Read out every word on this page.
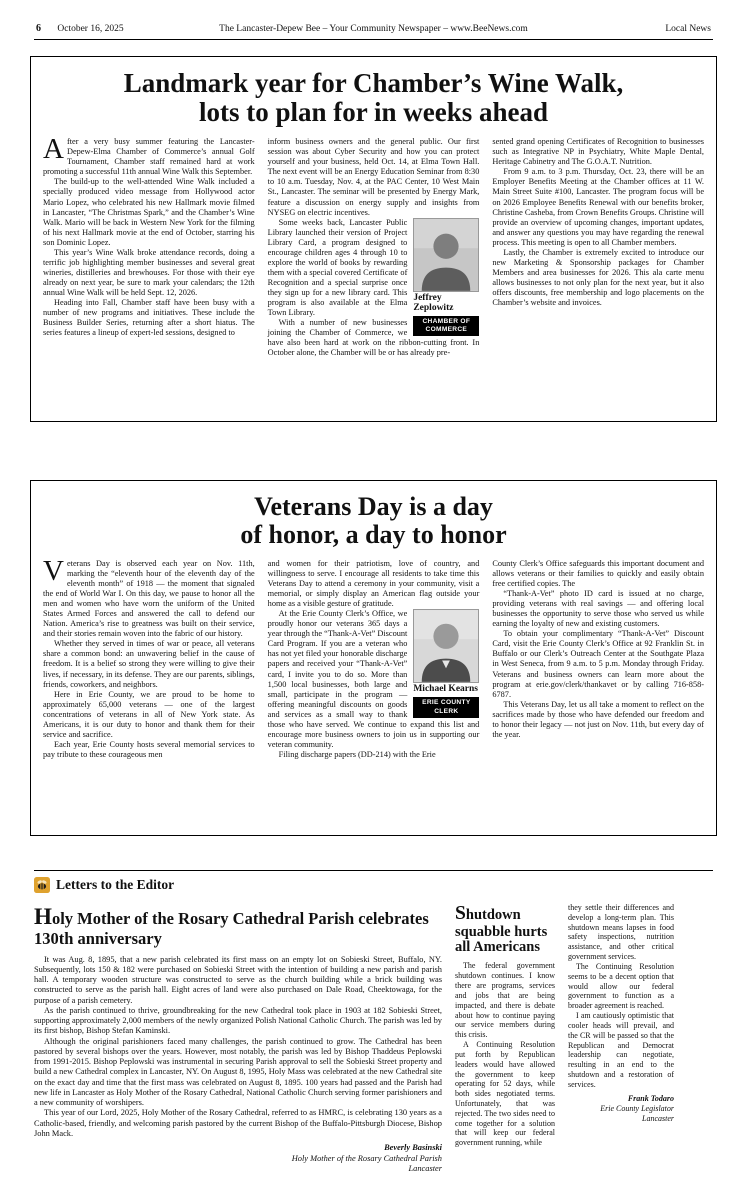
6 October 16, 2025	The Lancaster-Depew Bee – Your Community Newspaper – www.BeeNews.com	Local News
Landmark year for Chamber’s Wine Walk,
lots to plan for in weeks ahead

After a very busy summer featuring the Lancaster-Depew-Elma Chamber of Commerce’s annual Golf Tournament, Chamber staff remained hard at work promoting a successful 11th annual Wine Walk this September.

The build-up to the well-attended Wine Walk included a specially produced video message from Hollywood actor Mario Lopez, who celebrated his new Hallmark movie filmed in Lancaster, “The Christmas Spark,” and the Chamber’s Wine Walk. Mario will be back in Western New York for the filming of his next Hallmark movie at the end of October, starring his son Dominic Lopez.

This year’s Wine Walk broke attendance records, doing a terrific job highlighting member businesses and several great wineries, distilleries and brewhouses. For those with their eye already on next year, be sure to mark your calendars; the 12th annual Wine Walk will be held Sept. 12, 2026.

Heading into Fall, Chamber staff have been busy with a number of new programs and initiatives. These include the Business Builder Series, returning after a short hiatus. The series features a lineup of expert-led sessions, designed to

inform business owners and the general public. Our first session was about Cyber Security and how you can protect yourself and your business, held Oct. 14, at Elma Town Hall. The next event will be an Energy Education Seminar from 8:30 to 10 a.m. Tuesday, Nov. 4, at the PAC Center, 10 West Main St., Lancaster. The seminar will be presented by Energy Mark, feature a discussion on energy supply and insights from NYSEG on electric incentives.

Jeffrey Zeplowitz
CHAMBER OF COMMERCE

Some weeks back, Lancaster Public Library launched their version of Project Library Card, a program designed to encourage children ages 4 through 10 to explore the world of books by rewarding them with a special covered Certificate of Recognition and a special surprise once they sign up for a new library card. This program is also available at the Elma Town Library.

With a number of new businesses joining the Chamber of Commerce, we have also been hard at work on the ribbon-cutting front. In October alone, the Chamber will be or has already pre-

sented grand opening Certificates of Recognition to businesses such as Integrative NP in Psychiatry, White Maple Dental, Heritage Cabinetry and The G.O.A.T. Nutrition.

From 9 a.m. to 3 p.m. Thursday, Oct. 23, there will be an Employer Benefits Meeting at the Chamber offices at 11 W. Main Street Suite #100, Lancaster. The program focus will be on 2026 Employee Benefits Renewal with our benefits broker, Christine Casheba, from Crown Benefits Groups. Christine will provide an overview of upcoming changes, important updates, and answer any questions you may have regarding the renewal process. This meeting is open to all Chamber members.

Lastly, the Chamber is extremely excited to introduce our new Marketing & Sponsorship packages for Chamber Members and area businesses for 2026. This ala carte menu allows businesses to not only plan for the next year, but it also offers discounts, free membership and logo placements on the Chamber’s website and invoices.

Veterans Day is a day
of honor, a day to honor

Veterans Day is observed each year on Nov. 11th, marking the “eleventh hour of the eleventh day of the eleventh month” of 1918 — the moment that signaled the end of World War I. On this day, we pause to honor all the men and women who have worn the uniform of the United States Armed Forces and answered the call to defend our Nation. America’s rise to greatness was built on their service, and their stories remain woven into the fabric of our history.

Whether they served in times of war or peace, all veterans share a common bond: an unwavering belief in the cause of freedom. It is a belief so strong they were willing to give their lives, if necessary, in its defense. They are our parents, siblings, friends, coworkers, and neighbors.

Here in Erie County, we are proud to be home to approximately 65,000 veterans — one of the largest concentrations of veterans in all of New York state. As Americans, it is our duty to honor and thank them for their service and sacrifice.

Each year, Erie County hosts several memorial services to pay tribute to these courageous men

and women for their patriotism, love of country, and willingness to serve. I encourage all residents to take time this Veterans Day to attend a ceremony in your community, visit a memorial, or simply display an American flag outside your home as a visible gesture of gratitude.

Michael Kearns
ERIE COUNTY CLERK

At the Erie County Clerk’s Office, we proudly honor our veterans 365 days a year through the “Thank-A-Vet” Discount Card Program. If you are a veteran who has not yet filed your honorable discharge papers and received your “Thank-A-Vet” card, I invite you to do so. More than 1,500 local businesses, both large and small, participate in the program — offering meaningful discounts on goods and services as a small way to thank those who have served. We continue to expand this list and encourage more business owners to join us in supporting our veteran community.

Filing discharge papers (DD-214) with the Erie

County Clerk’s Office safeguards this important document and allows veterans or their families to quickly and easily obtain free certified copies. The

“Thank-A-Vet” photo ID card is issued at no charge, providing veterans with real savings — and offering local businesses the opportunity to serve those who served us while earning the loyalty of new and existing customers.

To obtain your complimentary “Thank-A-Vet” Discount Card, visit the Erie County Clerk’s Office at 92 Franklin St. in Buffalo or our Clerk’s Outreach Center at the Southgate Plaza in West Seneca, from 9 a.m. to 5 p.m. Monday through Friday. Veterans and business owners can learn more about the program at erie.gov/clerk/thankavet or by calling 716-858-6787.

This Veterans Day, let us all take a moment to reflect on the sacrifices made by those who have defended our freedom and to honor their legacy — not just on Nov. 11th, but every day of the year.

Letters to the Editor
Holy Mother of the Rosary Cathedral Parish celebrates 130th anniversary

It was Aug. 8, 1895, that a new parish celebrated its first mass on an empty lot on Sobieski Street, Buffalo, NY. Subsequently, lots 150 & 182 were purchased on Sobieski Street with the intention of building a new parish and parish hall. A temporary wooden structure was constructed to serve as the church building while a brick building was constructed to serve as the parish hall. Eight acres of land were also purchased on Dale Road, Cheektowaga, for the purpose of a parish cemetery.

As the parish continued to thrive, groundbreaking for the new Cathedral took place in 1903 at 182 Sobieski Street, supporting approximately 2,000 members of the newly organized Polish National Catholic Church. The parish was led by its first bishop, Bishop Stefan Kaminski.

Although the original parishioners faced many challenges, the parish continued to grow. The Cathedral has been pastored by several bishops over the years. However, most notably, the parish was led by Bishop Thaddeus Peplowski from 1991-2015. Bishop Peplowski was instrumental in securing Parish approval to sell the Sobieski Street property and build a new Cathedral complex in Lancaster, NY. On August 8, 1995, Holy Mass was celebrated at the new Cathedral site on the exact day and time that the first mass was celebrated on August 8, 1895. 100 years had passed and the Parish had new life in Lancaster as Holy Mother of the Rosary Cathedral, National Catholic Church serving former parishioners and a new community of worshipers.

This year of our Lord, 2025, Holy Mother of the Rosary Cathedral, referred to as HMRC, is celebrating 130 years as a Catholic-based, friendly, and welcoming parish pastored by the current Bishop of the Buffalo-Pittsburgh Diocese, Bishop John Mack.

Beverly Basinski
Holy Mother of the Rosary Cathedral Parish
Lancaster
Shutdown squabble hurts all Americans

The federal government shutdown continues. I know there are programs, services and jobs that are being impacted, and there is debate about how to continue paying our service members during this crisis.

A Continuing Resolution put forth by Republican leaders would have allowed the government to keep operating for 52 days, while both sides negotiated terms. Unfortunately, that was rejected. The two sides need to come together for a solution that will keep our federal government running, while

they settle their differences and develop a long-term plan. This shutdown means lapses in food safety inspections, nutrition assistance, and other critical government services.

The Continuing Resolution seems to be a decent option that would allow our federal government to function as a broader agreement is reached.

I am cautiously optimistic that cooler heads will prevail, and the CR will be passed so that the Republican and Democrat leadership can negotiate, resulting in an end to the shutdown and a restoration of services.

Frank Todaro
Erie County Legislator
Lancaster
